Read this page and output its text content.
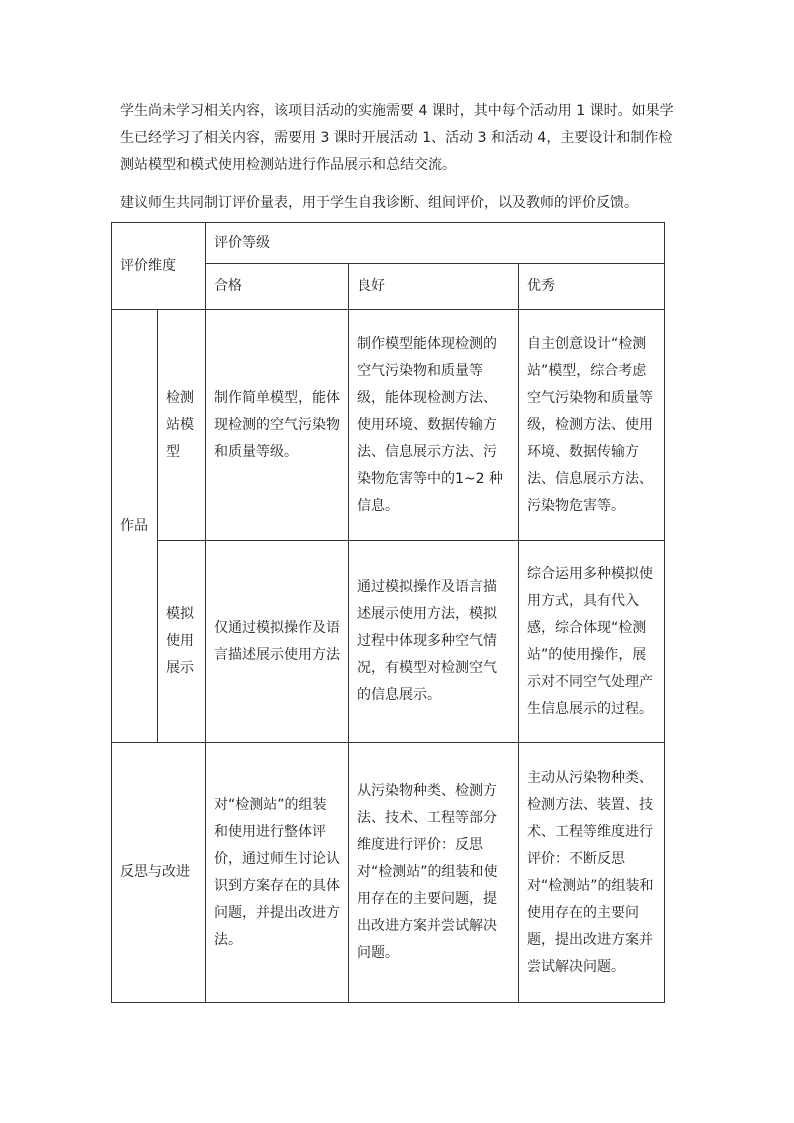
学生尚未学习相关内容，该项目活动的实施需要 4 课时，其中每个活动用 1 课时。如果学生已经学习了相关内容，需要用 3 课时开展活动 1、活动 3 和活动 4，主要设计和制作检测站模型和模式使用检测站进行作品展示和总结交流。

建议师生共同制订评价量表，用于学生自我诊断、组间评价，以及教师的评价反馈。

评价维度		评价等级		
		合格	良好	优秀
作品	检测站模型	制作简单模型，能体现检测的空气污染物和质量等级。	制作模型能体现检测的空气污染物和质量等级，能体现检测方法、使用环境、数据传输方法、信息展示方法、污染物危害等中的1~2 种信息。	自主创意设计“检测站”模型，综合考虑空气污染物和质量等级，检测方法、使用环境、数据传输方法、信息展示方法、污染物危害等。
	模拟使用展示	仅通过模拟操作及语言描述展示使用方法	通过模拟操作及语言描述展示使用方法，模拟过程中体现多种空气情况，有模型对检测空气的信息展示。	综合运用多种模拟使用方式，具有代入感，综合体现“检测站”的使用操作，展示对不同空气处理产生信息展示的过程。
反思与改进		对“检测站”的组装和使用进行整体评价，通过师生讨论认识到方案存在的具体问题，并提出改进方法。	从污染物种类、检测方法、技术、工程等部分维度进行评价：反思对“检测站”的组装和使用存在的主要问题，提出改进方案并尝试解决问题。	主动从污染物种类、检测方法、装置、技术、工程等维度进行评价：不断反思对“检测站”的组装和使用存在的主要问题，提出改进方案并尝试解决问题。
